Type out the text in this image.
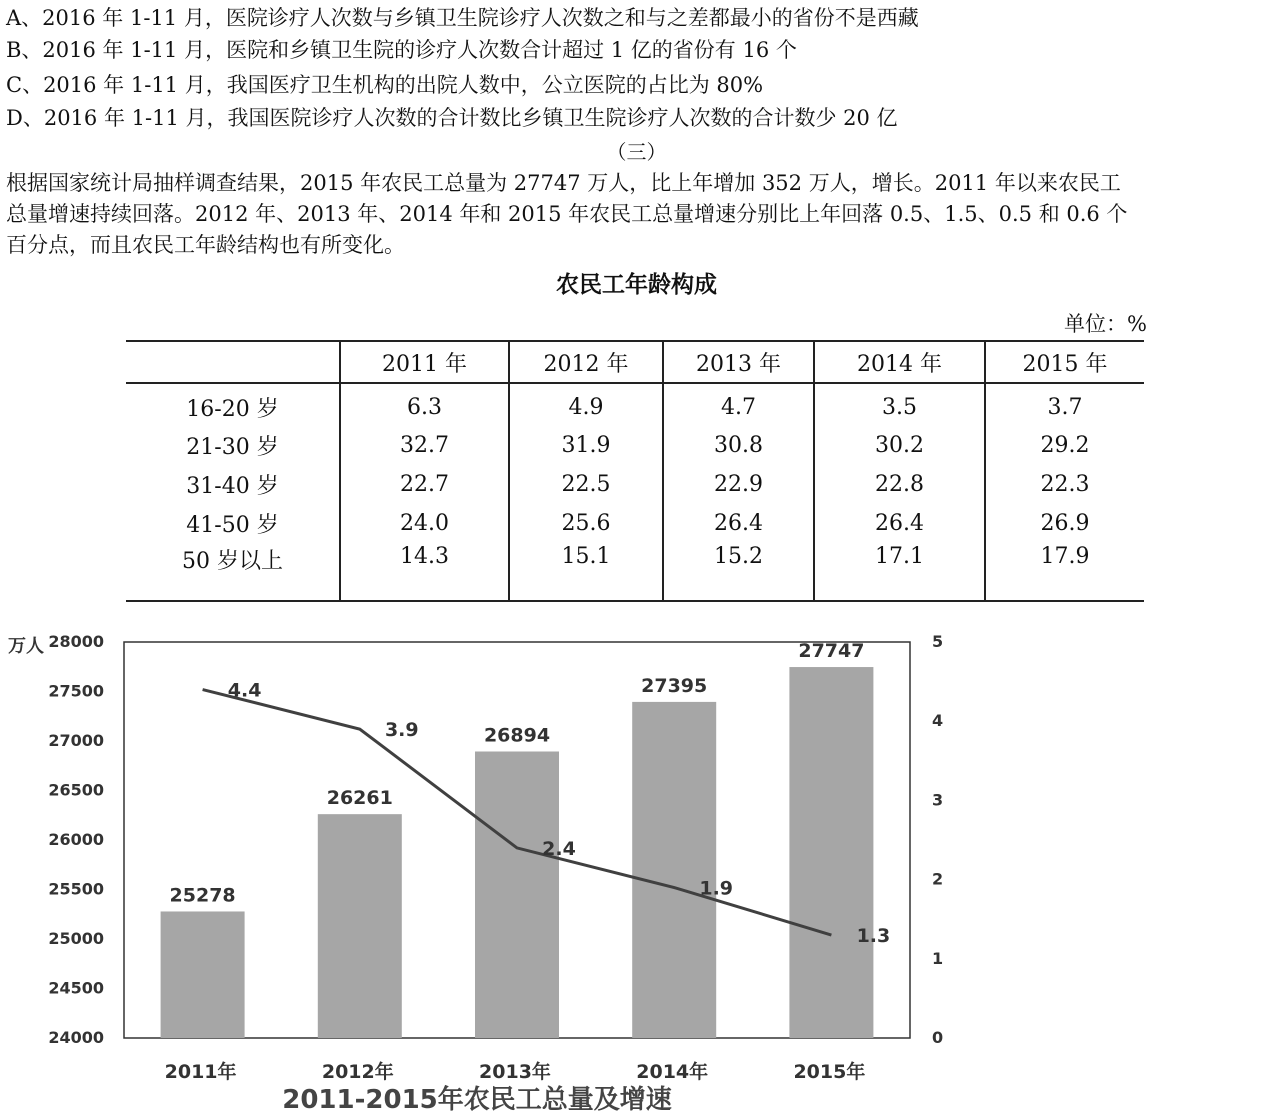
A、2016 年 1-11 月，医院诊疗人次数与乡镇卫生院诊疗人次数之和与之差都最小的省份不是西藏
B、2016 年 1-11 月，医院和乡镇卫生院的诊疗人次数合计超过 1 亿的省份有 16 个
C、2016 年 1-11 月，我国医疗卫生机构的出院人数中，公立医院的占比为 80%
D、2016 年 1-11 月，我国医院诊疗人次数的合计数比乡镇卫生院诊疗人次数的合计数少 20 亿
（三）
根据国家统计局抽样调查结果，2015 年农民工总量为 27747 万人，比上年增加 352 万人，增长。2011 年以来农民工
总量增速持续回落。2012 年、2013 年、2014 年和 2015 年农民工总量增速分别比上年回落 0.5、1.5、0.5 和 0.6 个
百分点，而且农民工年龄结构也有所变化。
农民工年龄构成
单位：%
	2011 年	2012 年	2013 年	2014 年	2015 年
16-20 岁	6.3	4.9	4.7	3.5	3.7
21-30 岁	32.7	31.9	30.8	30.2	29.2
31-40 岁	22.7	22.5	22.9	22.8	22.3
41-50 岁	24.0	25.6	26.4	26.4	26.9
50 岁以上	14.3	15.1	15.2	17.1	17.9
28000
27500
27000
26500
26000
25500
25000
24500
24000
万人	5
4
3
2
1
0
25278
26261
26894
27395
27747
2011年	2012年	2013年	2014年	2015年
4.4
3.9
2.4
1.9
1.3
2011-2015年农民工总量及增速
